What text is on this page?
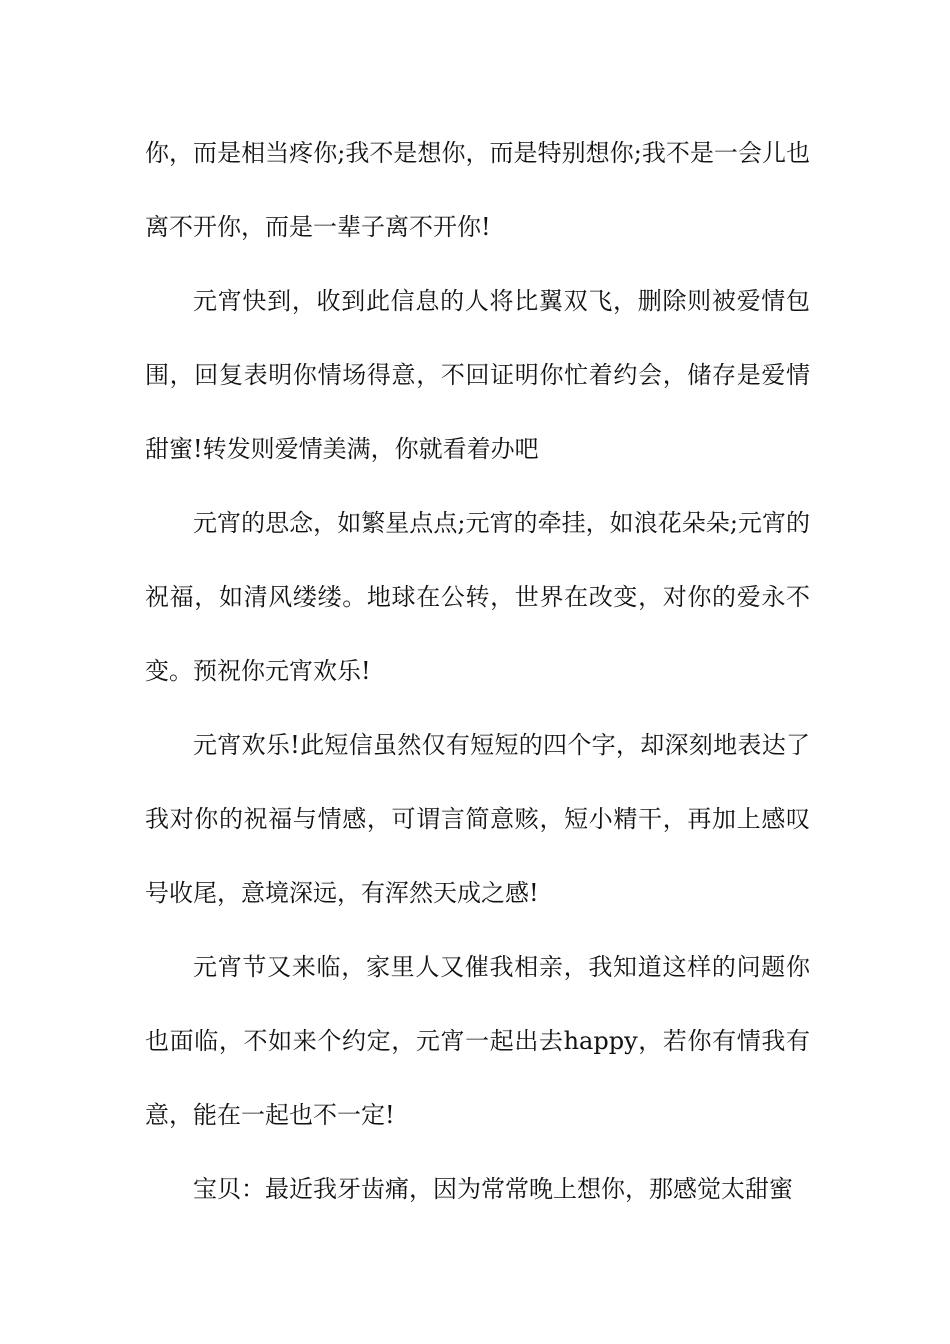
你，而是相当疼你;我不是想你，而是特别想你;我不是一会儿也离不开你，而是一辈子离不开你!

元宵快到，收到此信息的人将比翼双飞，删除则被爱情包围，回复表明你情场得意，不回证明你忙着约会，储存是爱情甜蜜!转发则爱情美满，你就看着办吧

元宵的思念，如繁星点点;元宵的牵挂，如浪花朵朵;元宵的祝福，如清风缕缕。地球在公转，世界在改变，对你的爱永不变。预祝你元宵欢乐!

元宵欢乐!此短信虽然仅有短短的四个字，却深刻地表达了我对你的祝福与情感，可谓言简意赅，短小精干，再加上感叹号收尾，意境深远，有浑然天成之感!

元宵节又来临，家里人又催我相亲，我知道这样的问题你也面临，不如来个约定，元宵一起出去happy，若你有情我有意，能在一起也不一定!

宝贝：最近我牙齿痛，因为常常晚上想你，那感觉太甜蜜
